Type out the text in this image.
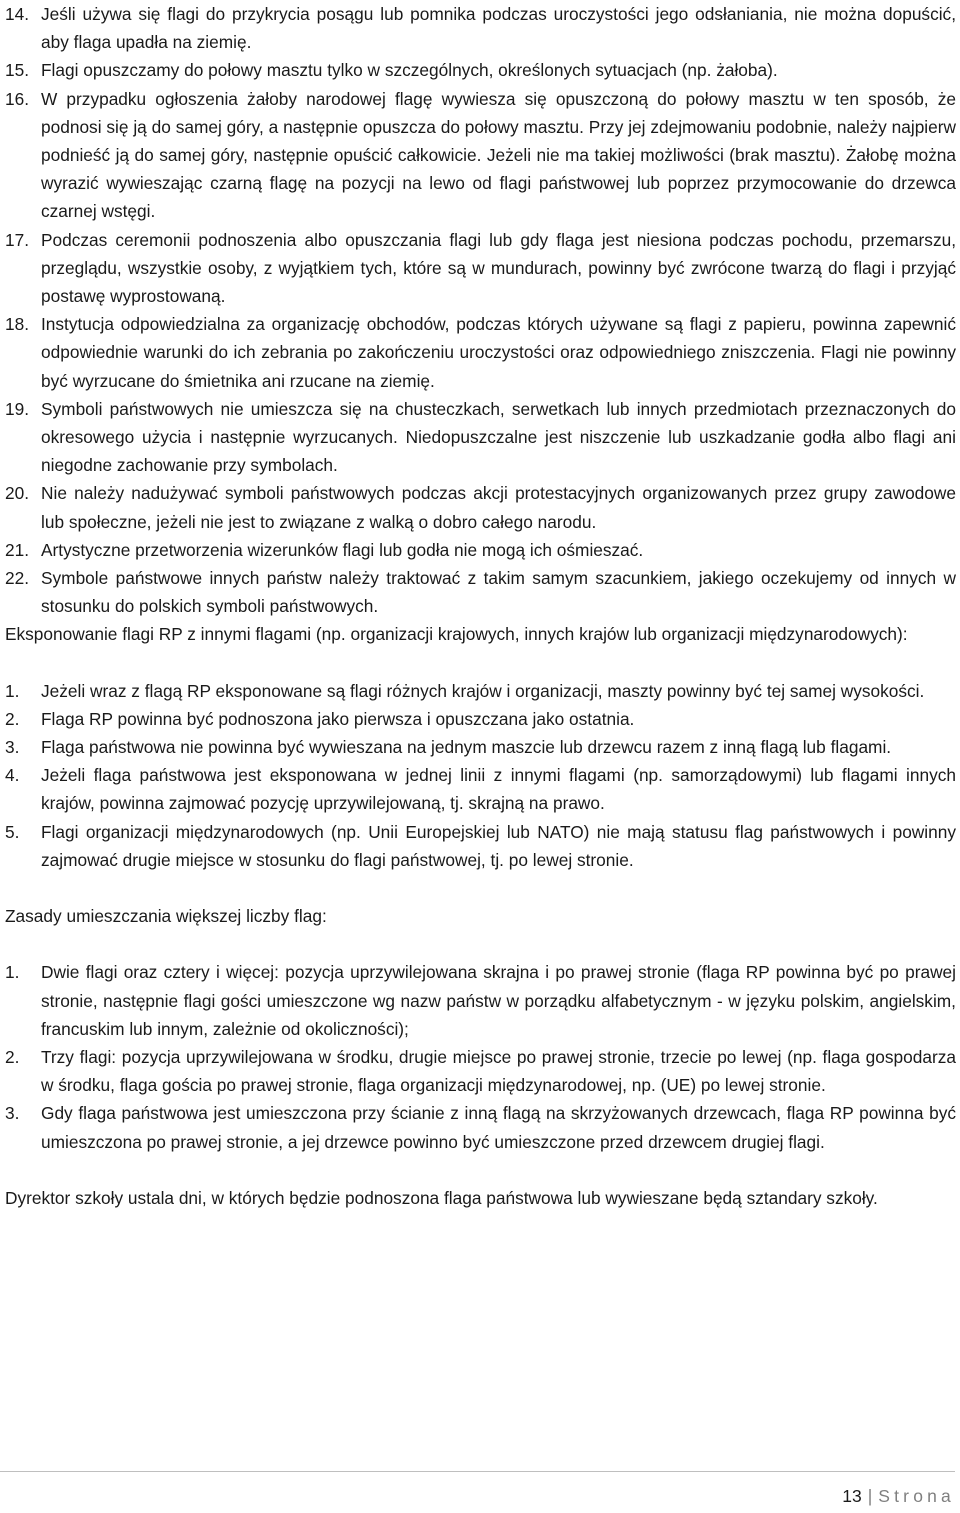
14. Jeśli używa się flagi do przykrycia posągu lub pomnika podczas uroczystości jego odsłaniania, nie można dopuścić, aby flaga upadła na ziemię.
15. Flagi opuszczamy do połowy masztu tylko w szczególnych, określonych sytuacjach (np. żałoba).
16. W przypadku ogłoszenia żałoby narodowej flagę wywiesza się opuszczoną do połowy masztu w ten sposób, że podnosi się ją do samej góry, a następnie opuszcza do połowy masztu. Przy jej zdejmowaniu podobnie, należy najpierw podnieść ją do samej góry, następnie opuścić całkowicie. Jeżeli nie ma takiej możliwości (brak masztu). Żałobę można wyrazić wywieszając czarną flagę na pozycji na lewo od flagi państwowej lub poprzez przymocowanie do drzewca czarnej wstęgi.
17. Podczas ceremonii podnoszenia albo opuszczania flagi lub gdy flaga jest niesiona podczas pochodu, przemarszu, przeglądu, wszystkie osoby, z wyjątkiem tych, które są w mundurach, powinny być zwrócone twarzą do flagi i przyjąć postawę wyprostowaną.
18. Instytucja odpowiedzialna za organizację obchodów, podczas których używane są flagi z papieru, powinna zapewnić odpowiednie warunki do ich zebrania po zakończeniu uroczystości oraz odpowiedniego zniszczenia. Flagi nie powinny być wyrzucane do śmietnika ani rzucane na ziemię.
19. Symboli państwowych nie umieszcza się na chusteczkach, serwetkach lub innych przedmiotach przeznaczonych do okresowego użycia i następnie wyrzucanych. Niedopuszczalne jest niszczenie lub uszkadzanie godła albo flagi ani niegodne zachowanie przy symbolach.
20. Nie należy nadużywać symboli państwowych podczas akcji protestacyjnych organizowanych przez grupy zawodowe lub społeczne, jeżeli nie jest to związane z walką o dobro całego narodu.
21. Artystyczne przetworzenia wizerunków flagi lub godła nie mogą ich ośmieszać.
22. Symbole państwowe innych państw należy traktować z takim samym szacunkiem, jakiego oczekujemy od innych w stosunku do polskich symboli państwowych.

Eksponowanie flagi RP z innymi flagami (np. organizacji krajowych, innych krajów lub organizacji międzynarodowych):

1. Jeżeli wraz z flagą RP eksponowane są flagi różnych krajów i organizacji, maszty powinny być tej samej wysokości.
2. Flaga RP powinna być podnoszona jako pierwsza i opuszczana jako ostatnia.
3. Flaga państwowa nie powinna być wywieszana na jednym maszcie lub drzewcu razem z inną flagą lub flagami.
4. Jeżeli flaga państwowa jest eksponowana w jednej linii z innymi flagami (np. samorządowymi) lub flagami innych krajów, powinna zajmować pozycję uprzywilejowaną, tj. skrajną na prawo.
5. Flagi organizacji międzynarodowych (np. Unii Europejskiej lub NATO) nie mają statusu flag państwowych i powinny zajmować drugie miejsce w stosunku do flagi państwowej, tj. po lewej stronie.

Zasady umieszczania większej liczby flag:

1. Dwie flagi oraz cztery i więcej: pozycja uprzywilejowana skrajna i po prawej stronie (flaga RP powinna być po prawej stronie, następnie flagi gości umieszczone wg nazw państw w porządku alfabetycznym - w języku polskim, angielskim, francuskim lub innym, zależnie od okoliczności);
2. Trzy flagi: pozycja uprzywilejowana w środku, drugie miejsce po prawej stronie, trzecie po lewej (np. flaga gospodarza w środku, flaga gościa po prawej stronie, flaga organizacji międzynarodowej, np. (UE) po lewej stronie.
3. Gdy flaga państwowa jest umieszczona przy ścianie z inną flagą na skrzyżowanych drzewcach, flaga RP powinna być umieszczona po prawej stronie, a jej drzewce powinno być umieszczone przed drzewcem drugiej flagi.

Dyrektor szkoły ustala dni, w których będzie podnoszona flaga państwowa lub wywieszane będą sztandary szkoły.

13 | Strona
